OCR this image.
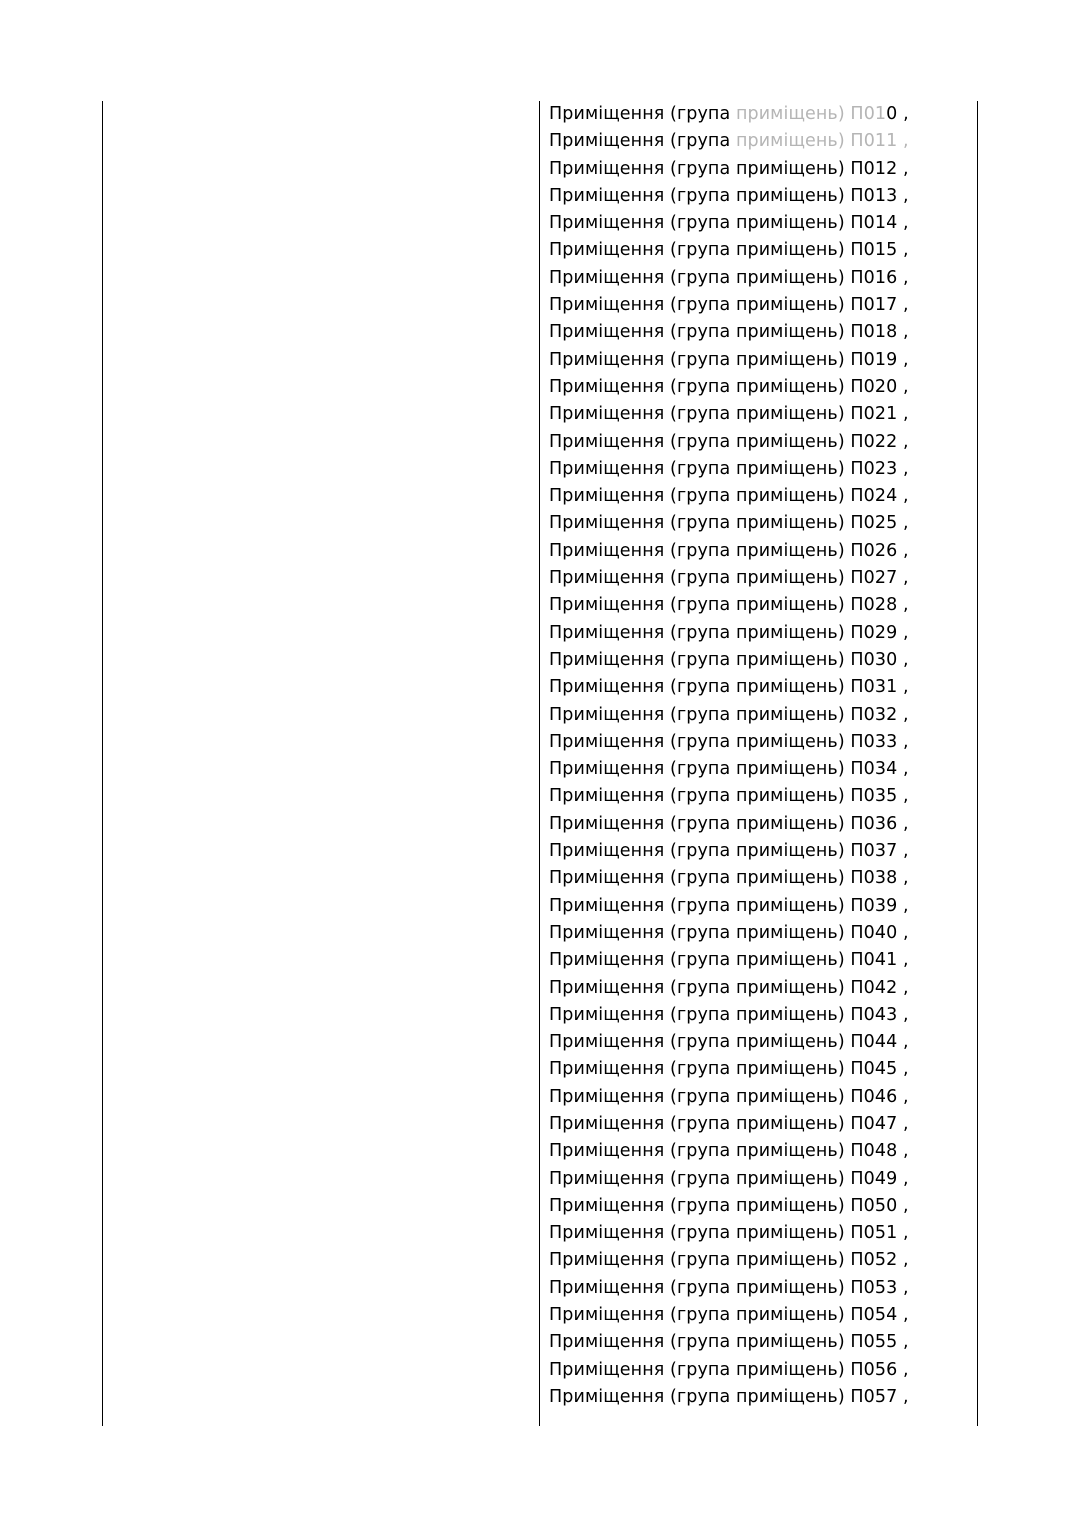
Приміщення (група приміщень) П010 ,
Приміщення (група приміщень) П011 ,
Приміщення (група приміщень) П012 ,
Приміщення (група приміщень) П013 ,
Приміщення (група приміщень) П014 ,
Приміщення (група приміщень) П015 ,
Приміщення (група приміщень) П016 ,
Приміщення (група приміщень) П017 ,
Приміщення (група приміщень) П018 ,
Приміщення (група приміщень) П019 ,
Приміщення (група приміщень) П020 ,
Приміщення (група приміщень) П021 ,
Приміщення (група приміщень) П022 ,
Приміщення (група приміщень) П023 ,
Приміщення (група приміщень) П024 ,
Приміщення (група приміщень) П025 ,
Приміщення (група приміщень) П026 ,
Приміщення (група приміщень) П027 ,
Приміщення (група приміщень) П028 ,
Приміщення (група приміщень) П029 ,
Приміщення (група приміщень) П030 ,
Приміщення (група приміщень) П031 ,
Приміщення (група приміщень) П032 ,
Приміщення (група приміщень) П033 ,
Приміщення (група приміщень) П034 ,
Приміщення (група приміщень) П035 ,
Приміщення (група приміщень) П036 ,
Приміщення (група приміщень) П037 ,
Приміщення (група приміщень) П038 ,
Приміщення (група приміщень) П039 ,
Приміщення (група приміщень) П040 ,
Приміщення (група приміщень) П041 ,
Приміщення (група приміщень) П042 ,
Приміщення (група приміщень) П043 ,
Приміщення (група приміщень) П044 ,
Приміщення (група приміщень) П045 ,
Приміщення (група приміщень) П046 ,
Приміщення (група приміщень) П047 ,
Приміщення (група приміщень) П048 ,
Приміщення (група приміщень) П049 ,
Приміщення (група приміщень) П050 ,
Приміщення (група приміщень) П051 ,
Приміщення (група приміщень) П052 ,
Приміщення (група приміщень) П053 ,
Приміщення (група приміщень) П054 ,
Приміщення (група приміщень) П055 ,
Приміщення (група приміщень) П056 ,
Приміщення (група приміщень) П057 ,
